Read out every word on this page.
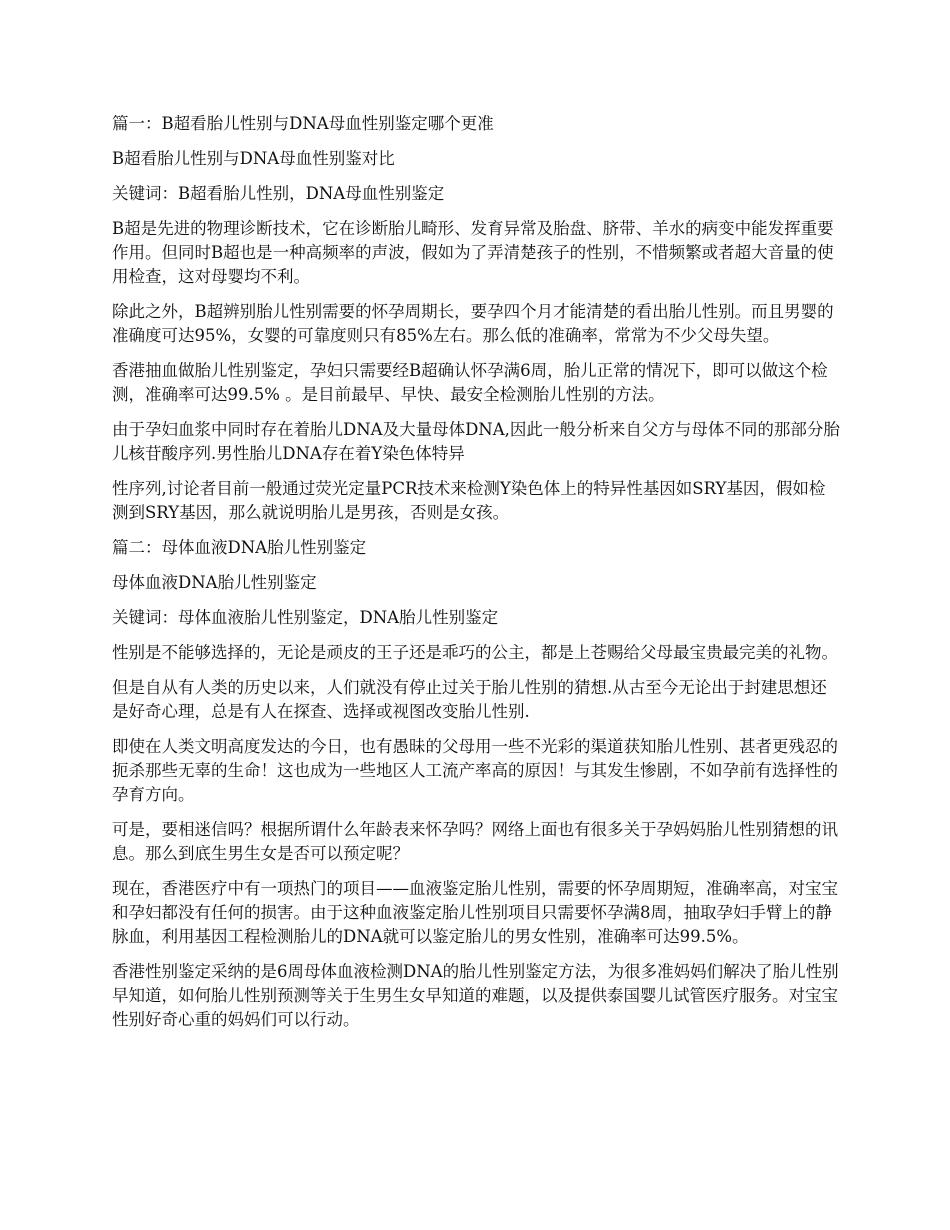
篇一：B超看胎儿性别与DNA母血性别鉴定哪个更准

B超看胎儿性别与DNA母血性别鉴对比

关键词：B超看胎儿性别，DNA母血性别鉴定

B超是先进的物理诊断技术，它在诊断胎儿畸形、发育异常及胎盘、脐带、羊水的病变中能发挥重要作用。但同时B超也是一种高频率的声波，假如为了弄清楚孩子的性别，不惜频繁或者超大音量的使用检查，这对母婴均不利。

除此之外，B超辨别胎儿性别需要的怀孕周期长，要孕四个月才能清楚的看出胎儿性别。而且男婴的准确度可达95%，女婴的可靠度则只有85%左右。那么低的准确率，常常为不少父母失望。

香港抽血做胎儿性别鉴定，孕妇只需要经B超确认怀孕满6周，胎儿正常的情况下，即可以做这个检测，准确率可达99.5% 。是目前最早、早快、最安全检测胎儿性别的方法。

由于孕妇血浆中同时存在着胎儿DNA及大量母体DNA,因此一般分析来自父方与母体不同的那部分胎儿核苷酸序列.男性胎儿DNA存在着Y染色体特异

性序列,讨论者目前一般通过荧光定量PCR技术来检测Y染色体上的特异性基因如SRY基因，假如检测到SRY基因，那么就说明胎儿是男孩，否则是女孩。

篇二：母体血液DNA胎儿性别鉴定

母体血液DNA胎儿性别鉴定

关键词：母体血液胎儿性别鉴定，DNA胎儿性别鉴定

性别是不能够选择的，无论是顽皮的王子还是乖巧的公主，都是上苍赐给父母最宝贵最完美的礼物。

但是自从有人类的历史以来，人们就没有停止过关于胎儿性别的猜想.从古至今无论出于封建思想还是好奇心理，总是有人在探查、选择或视图改变胎儿性别.

即使在人类文明高度发达的今日，也有愚昧的父母用一些不光彩的渠道获知胎儿性别、甚者更残忍的扼杀那些无辜的生命！这也成为一些地区人工流产率高的原因！与其发生惨剧，不如孕前有选择性的孕育方向。

可是，要相迷信吗？根据所谓什么年龄表来怀孕吗？网络上面也有很多关于孕妈妈胎儿性别猜想的讯息。那么到底生男生女是否可以预定呢？

现在，香港医疗中有一项热门的项目——血液鉴定胎儿性别，需要的怀孕周期短，准确率高，对宝宝和孕妇都没有任何的损害。由于这种血液鉴定胎儿性别项目只需要怀孕满8周，抽取孕妇手臂上的静脉血，利用基因工程检测胎儿的DNA就可以鉴定胎儿的男女性别，准确率可达99.5%。

香港性别鉴定采纳的是6周母体血液检测DNA的胎儿性别鉴定方法，为很多准妈妈们解决了胎儿性别早知道，如何胎儿性别预测等关于生男生女早知道的难题，以及提供泰国婴儿试管医疗服务。对宝宝性别好奇心重的妈妈们可以行动。
